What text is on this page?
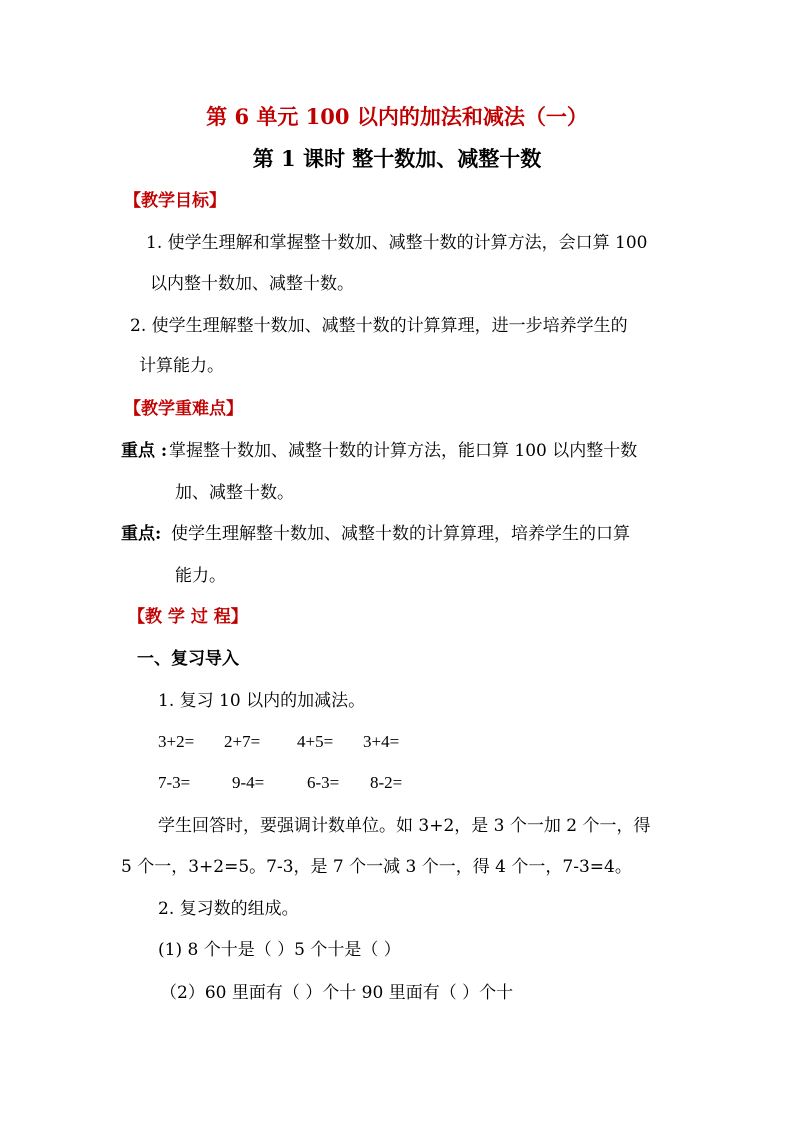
第 6 单元 100 以内的加法和减法（一）
第 1 课时 整十数加、减整十数
【教学目标】
1. 使学生理解和掌握整十数加、减整十数的计算方法，会口算 100
以内整十数加、减整十数。
2. 使学生理解整十数加、减整十数的计算算理，进一步培养学生的
计算能力。
【教学重难点】
重点 : 掌握整十数加、减整十数的计算方法，能口算 100 以内整十数
加、减整十数。
重点: 使学生理解整十数加、减整十数的计算算理，培养学生的口算
能力。
【教 学 过 程】
一、复习导入
1. 复习 10 以内的加减法。
3+2= 2+7= 4+5= 3+4=
7-3= 9-4=	6-3= 8-2=
学生回答时，要强调计数单位。如 3+2，是 3 个一加 2 个一，得
5 个一，3+2=5。7-3，是 7 个一减 3 个一，得 4 个一，7-3=4。
2. 复习数的组成。
(1) 8 个十是（ ）5 个十是（ ）
（2）60 里面有（ ）个十 90 里面有（ ）个十
